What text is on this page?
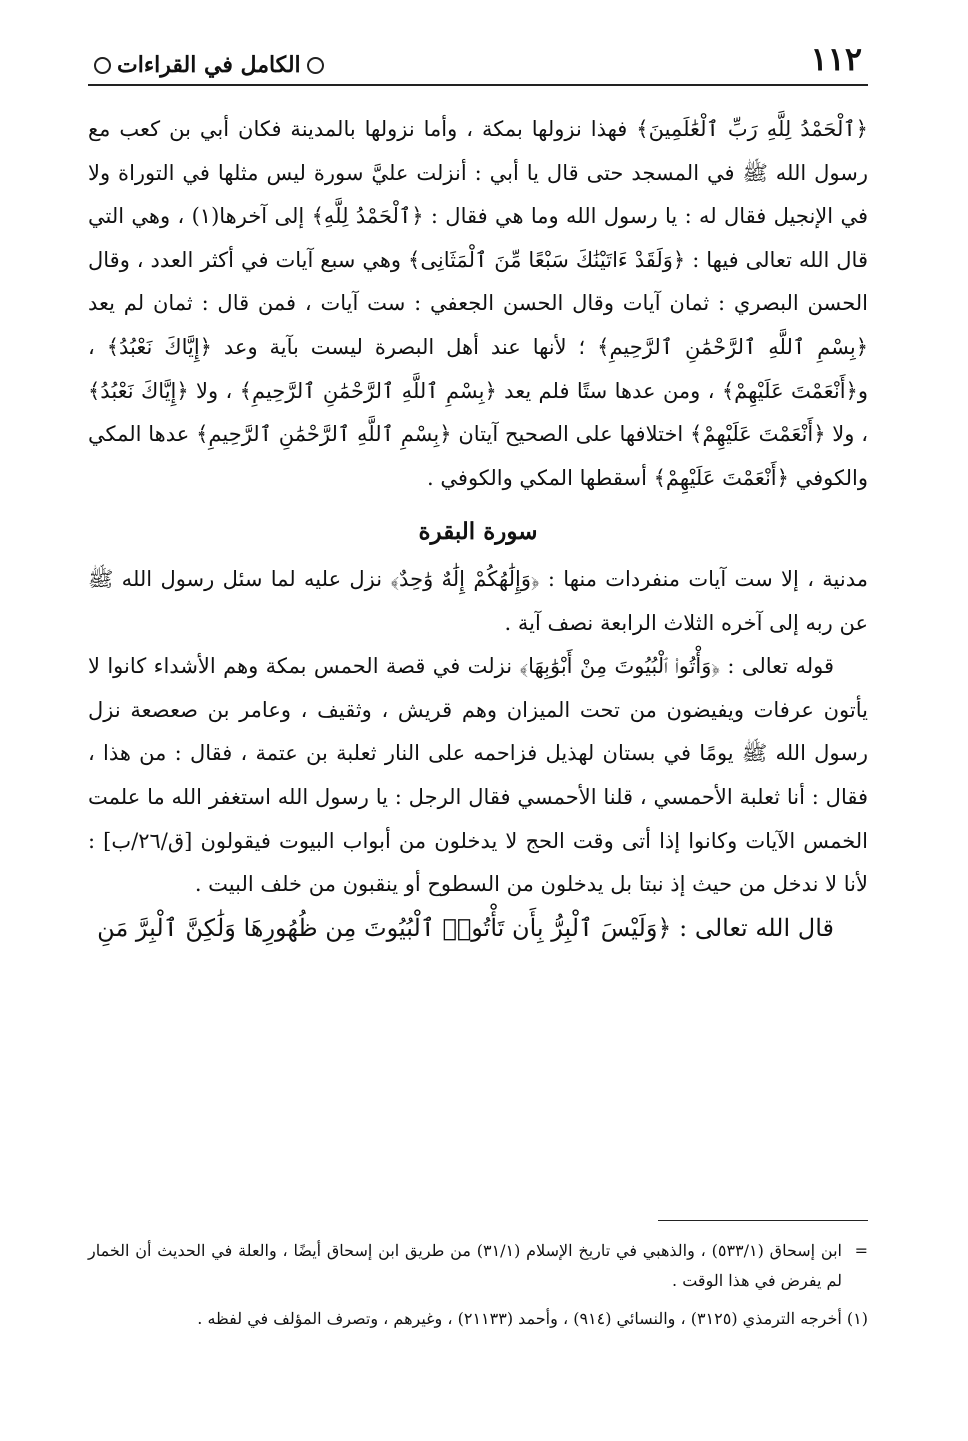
١١٢
الكامل في القراءات

﴿ٱلْحَمْدُ لِلَّهِ رَبِّ ٱلْعَٰلَمِينَ﴾ فهذا نزولها بمكة ، وأما نزولها بالمدينة فكان أبي بن كعب مع رسول الله ﷺ في المسجد حتى قال يا أبي : أنزلت عليَّ سورة ليس مثلها في التوراة ولا في الإنجيل فقال له : يا رسول الله وما هي فقال : ﴿ٱلْحَمْدُ لِلَّهِ﴾ إلى آخرها(١) ، وهي التي قال الله تعالى فيها : ﴿وَلَقَدْ ءَاتَيْنَٰكَ سَبْعًا مِّنَ ٱلْمَثَانِى﴾ وهي سبع آيات في أكثر العدد ، وقال الحسن البصري : ثمان آيات وقال الحسن الجعفي : ست آيات ، فمن قال : ثمان لم يعد ﴿بِسْمِ ٱللَّهِ ٱلرَّحْمَٰنِ ٱلرَّحِيمِ﴾ ؛ لأنها عند أهل البصرة ليست بآية وعد ﴿إِيَّاكَ نَعْبُدُ﴾ ، و﴿أَنْعَمْتَ عَلَيْهِمْ﴾ ، ومن عدها ستًا فلم يعد ﴿بِسْمِ ٱللَّهِ ٱلرَّحْمَٰنِ ٱلرَّحِيمِ﴾ ، ولا ﴿إِيَّاكَ نَعْبُدُ﴾ ، ولا ﴿أَنْعَمْتَ عَلَيْهِمْ﴾ اختلافها على الصحيح آيتان ﴿بِسْمِ ٱللَّهِ ٱلرَّحْمَٰنِ ٱلرَّحِيمِ﴾ عدها المكي والكوفي ﴿أَنْعَمْتَ عَلَيْهِمْ﴾ أسقطها المكي والكوفي .

سورة البقرة

مدنية ، إلا ست آيات منفردات منها : ﴿وَإِلَٰهُكُمْ إِلَٰهٌ وَٰحِدٌ﴾ نزل عليه لما سئل رسول الله ﷺ عن ربه إلى آخره الثلاث الرابعة نصف آية .

قوله تعالى : ﴿وَأْتُوا۟ ٱلْبُيُوتَ مِنْ أَبْوَٰبِهَا﴾ نزلت في قصة الحمس بمكة وهم الأشداء كانوا لا يأتون عرفات ويفيضون من تحت الميزان وهم قريش ، وثقيف ، وعامر بن صعصعة نزل رسول الله ﷺ يومًا في بستان لهذيل فزاحمه على النار ثعلبة بن عتمة ، فقال : من هذا ، فقال : أنا ثعلبة الأحمسي ، قلنا الأحمسي فقال الرجل : يا رسول الله استغفر الله ما علمت الخمس الآيات وكانوا إذا أتى وقت الحج لا يدخلون من أبواب البيوت فيقولون [ق/٢٦/ب] : لأنا لا ندخل من حيث إذ نبتا بل يدخلون من السطوح أو ينقبون من خلف البيت .

قال الله تعالى : ﴿وَلَيْسَ ٱلْبِرُّ بِأَن تَأْتُوا۟ ٱلْبُيُوتَ مِن ظُهُورِهَا وَلَٰكِنَّ ٱلْبِرَّ مَنِ

=
ابن إسحاق (٥٣٣/١) ، والذهبي في تاريخ الإسلام (٣١/١) من طريق ابن إسحاق أيضًا ، والعلة في الحديث أن الخمار لم يفرض في هذا الوقت .

(١) أخرجه الترمذي (٣١٢٥) ، والنسائي (٩١٤) ، وأحمد (٢١١٣٣) ، وغيرهم ، وتصرف المؤلف في لفظه .
